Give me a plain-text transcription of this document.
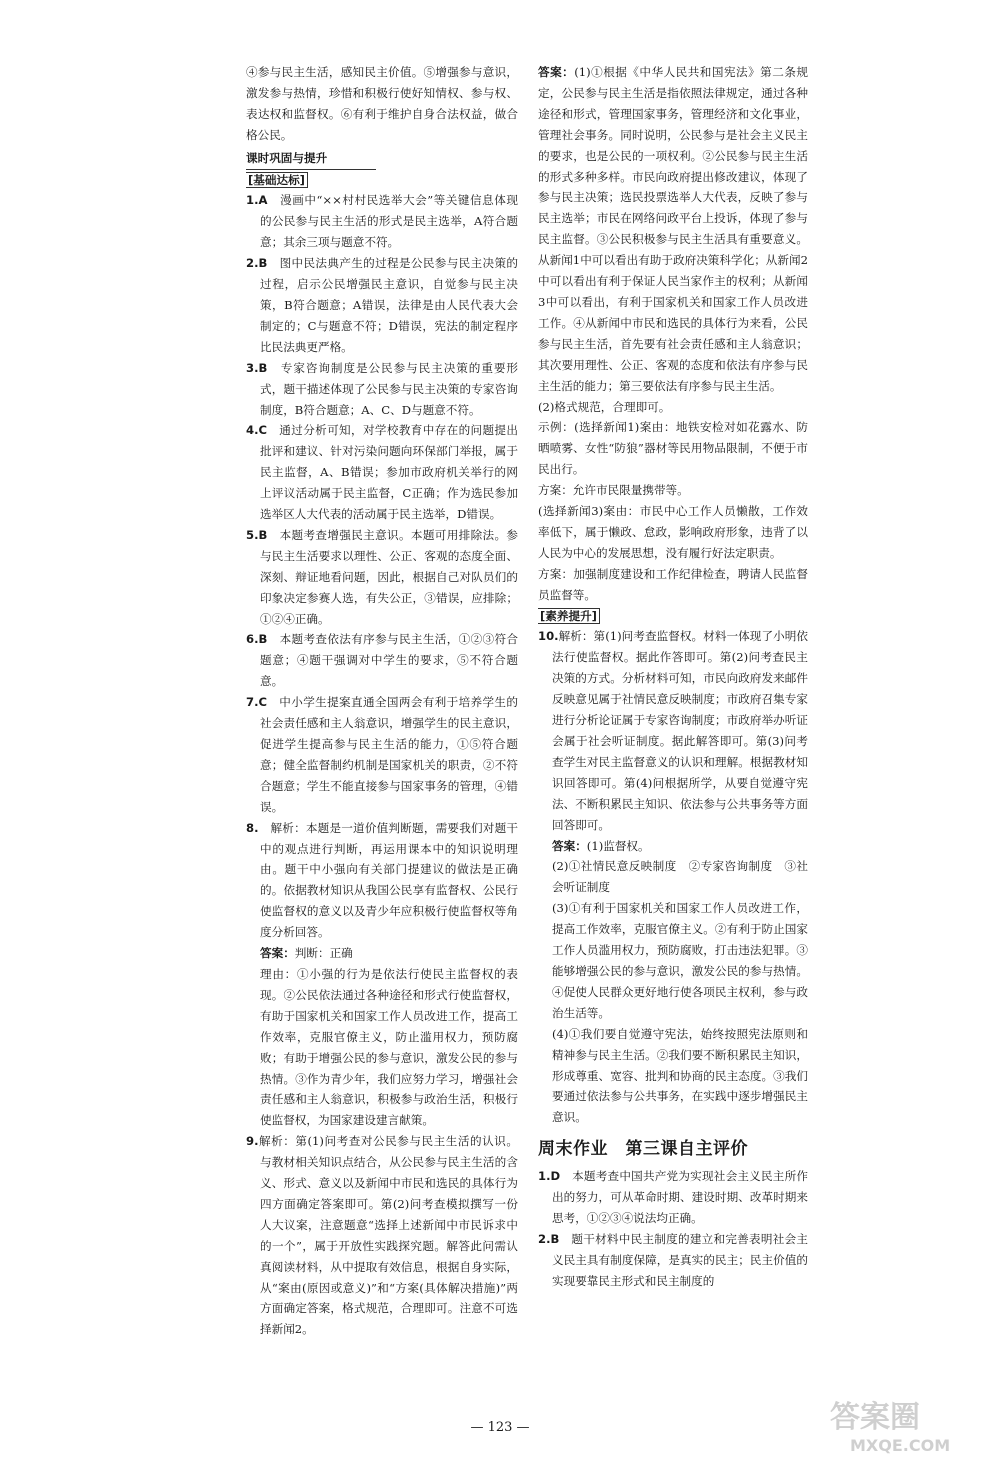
④参与民主生活，感知民主价值。⑤增强参与意识，激发参与热情，珍惜和积极行使好知情权、参与权、表达权和监督权。⑥有利于维护自身合法权益，做合格公民。

课时巩固与提升

[基础达标]

1.A　 漫画中“××村村民选举大会”等关键信息体现的公民参与民主生活的形式是民主选举，A符合题意；其余三项与题意不符。

2.B　 图中民法典产生的过程是公民参与民主决策的过程，启示公民增强民主意识，自觉参与民主决策，B符合题意；A错误，法律是由人民代表大会制定的；C与题意不符；D错误，宪法的制定程序比民法典更严格。

3.B　 专家咨询制度是公民参与民主决策的重要形式，题干描述体现了公民参与民主决策的专家咨询制度，B符合题意；A、C、D与题意不符。

4.C　 通过分析可知，对学校教育中存在的问题提出批评和建议、针对污染问题向环保部门举报，属于民主监督，A、B错误；参加市政府机关举行的网上评议活动属于民主监督，C正确；作为选民参加选举区人大代表的活动属于民主选举，D错误。

5.B　 本题考查增强民主意识。本题可用排除法。参与民主生活要求以理性、公正、客观的态度全面、深刻、辩证地看问题，因此，根据自己对队员们的印象决定参赛人选，有失公正，③错误，应排除；①②④正确。

6.B　 本题考查依法有序参与民主生活，①②③符合题意；④题干强调对中学生的要求，⑤不符合题意。

7.C　 中小学生提案直通全国两会有利于培养学生的社会责任感和主人翁意识，增强学生的民主意识，促进学生提高参与民主生活的能力，①⑤符合题意；健全监督制约机制是国家机关的职责，②不符合题意；学生不能直接参与国家事务的管理，④错误。

8.　 解析：本题是一道价值判断题，需要我们对题干中的观点进行判断，再运用课本中的知识说明理由。题干中小强向有关部门提建议的做法是正确的。依据教材知识从我国公民享有监督权、公民行使监督权的意义以及青少年应积极行使监督权等角度分析回答。

答案：判断：正确

理由：①小强的行为是依法行使民主监督权的表现。②公民依法通过各种途径和形式行使监督权，有助于国家机关和国家工作人员改进工作，提高工作效率，克服官僚主义，防止滥用权力，预防腐败；有助于增强公民的参与意识，激发公民的参与热情。③作为青少年，我们应努力学习，增强社会责任感和主人翁意识，积极参与政治生活，积极行使监督权，为国家建设建言献策。

9.解析：第(1)问考查对公民参与民主生活的认识。与教材相关知识点结合，从公民参与民主生活的含义、形式、意义以及新闻中市民和选民的具体行为四方面确定答案即可。第(2)问考查模拟撰写一份人大议案，注意题意“选择上述新闻中市民诉求中的一个”，属于开放性实践探究题。解答此问需认真阅读材料，从中提取有效信息，根据自身实际，从“案由(原因或意义)”和“方案(具体解决措施)”两方面确定答案，格式规范，合理即可。注意不可选择新闻2。

答案：(1)①根据《中华人民共和国宪法》第二条规定，公民参与民主生活是指依照法律规定，通过各种途径和形式，管理国家事务，管理经济和文化事业，管理社会事务。同时说明，公民参与是社会主义民主的要求，也是公民的一项权利。②公民参与民主生活的形式多种多样。市民向政府提出修改建议，体现了参与民主决策；选民投票选举人大代表，反映了参与民主选举；市民在网络问政平台上投诉，体现了参与民主监督。③公民积极参与民主生活具有重要意义。从新闻1中可以看出有助于政府决策科学化；从新闻2中可以看出有利于保证人民当家作主的权利；从新闻3中可以看出，有利于国家机关和国家工作人员改进工作。④从新闻中市民和选民的具体行为来看，公民参与民主生活，首先要有社会责任感和主人翁意识；其次要用理性、公正、客观的态度和依法有序参与民主生活的能力；第三要依法有序参与民主生活。

(2)格式规范，合理即可。

示例：(选择新闻1)案由：地铁安检对如花露水、防晒喷雾、女性“防狼”器材等民用物品限制，不便于市民出行。

方案：允许市民限量携带等。

(选择新闻3)案由：市民中心工作人员懒散，工作效率低下，属于懒政、怠政，影响政府形象，违背了以人民为中心的发展思想，没有履行好法定职责。

方案：加强制度建设和工作纪律检查，聘请人民监督员监督等。

[素养提升]

10.解析：第(1)问考查监督权。材料一体现了小明依法行使监督权。据此作答即可。第(2)问考查民主决策的方式。分析材料可知，市民向政府发来邮件反映意见属于社情民意反映制度；市政府召集专家进行分析论证属于专家咨询制度；市政府举办听证会属于社会听证制度。据此解答即可。第(3)问考查学生对民主监督意义的认识和理解。根据教材知识回答即可。第(4)问根据所学，从要自觉遵守宪法、不断积累民主知识、依法参与公共事务等方面回答即可。

答案：(1)监督权。

(2)①社情民意反映制度　②专家咨询制度　③社会听证制度

(3)①有利于国家机关和国家工作人员改进工作，提高工作效率，克服官僚主义。②有利于防止国家工作人员滥用权力，预防腐败，打击违法犯罪。③能够增强公民的参与意识，激发公民的参与热情。④促使人民群众更好地行使各项民主权利，参与政治生活等。

(4)①我们要自觉遵守宪法，始终按照宪法原则和精神参与民主生活。②我们要不断积累民主知识，形成尊重、宽容、批判和协商的民主态度。③我们要通过依法参与公共事务，在实践中逐步增强民主意识。

周末作业　第三课自主评价

1.D　 本题考查中国共产党为实现社会主义民主所作出的努力，可从革命时期、建设时期、改革时期来思考，①②③④说法均正确。

2.B　 题干材料中民主制度的建立和完善表明社会主义民主具有制度保障，是真实的民主；民主价值的实现要靠民主形式和民主制度的

— 123 —	答案圈
MXQE.COM
